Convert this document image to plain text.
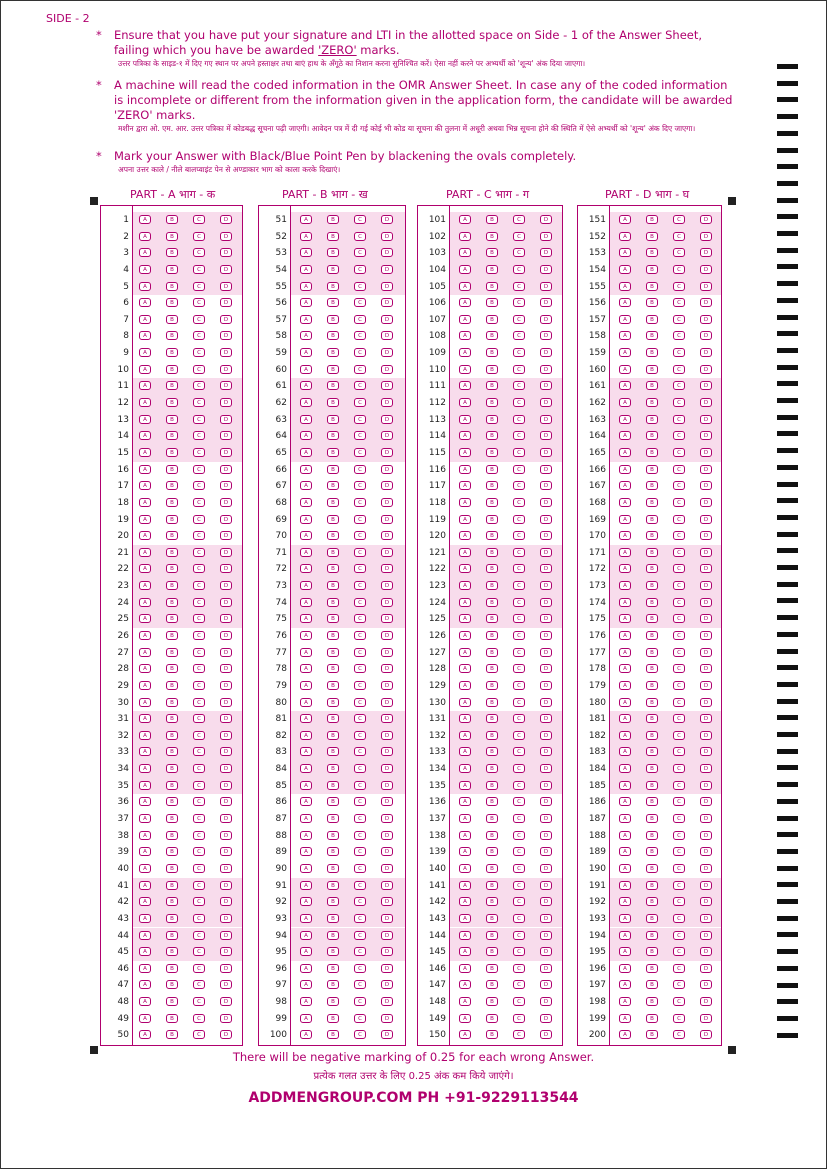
SIDE - 2
*	Ensure that you have put your signature and LTI in the allotted space on Side - 1 of the Answer Sheet, failing which you have be awarded 'ZERO' marks.
उत्तर पत्रिका के साइड-१ में दिए गए स्थान पर अपने हस्ताक्षर तथा बाएं हाथ के अँगूठे का निशान करना सुनिश्चित करें। ऐसा नहीं करने पर अभ्यर्थी को 'शून्य' अंक दिया जाएगा।
*	A machine will read the coded information in the OMR Answer Sheet. In case any of the coded information is incomplete or different from the information given in the application form, the candidate will be awarded 'ZERO' marks.
मशीन द्वारा ओ. एम. आर. उत्तर पत्रिका में कोडबद्ध सूचना पढ़ी जाएगी। आवेदन पत्र में दी गई कोई भी कोड या सूचना की तुलना में अधूरी अथवा भिन्न सूचना होने की स्थिति में ऐसे अभ्यर्थी को 'शून्य' अंक दिए जाएगा।
*	Mark your Answer with Black/Blue Point Pen by blackening the ovals completely.
अपना उत्तर काले / नीले बालप्वाइंट पेन से अण्डाकार भाग को काला करके दिखाएं।
PART - A भाग - क	PART - B भाग - ख	PART - C भाग - ग	PART - D भाग - घ
1	A	B	C	D
2	A	B	C	D
3	A	B	C	D
4	A	B	C	D
5	A	B	C	D
6	A	B	C	D
7	A	B	C	D
8	A	B	C	D
9	A	B	C	D
10	A	B	C	D
11	A	B	C	D
12	A	B	C	D
13	A	B	C	D
14	A	B	C	D
15	A	B	C	D
16	A	B	C	D
17	A	B	C	D
18	A	B	C	D
19	A	B	C	D
20	A	B	C	D
21	A	B	C	D
22	A	B	C	D
23	A	B	C	D
24	A	B	C	D
25	A	B	C	D
26	A	B	C	D
27	A	B	C	D
28	A	B	C	D
29	A	B	C	D
30	A	B	C	D
31	A	B	C	D
32	A	B	C	D
33	A	B	C	D
34	A	B	C	D
35	A	B	C	D
36	A	B	C	D
37	A	B	C	D
38	A	B	C	D
39	A	B	C	D
40	A	B	C	D
41	A	B	C	D
42	A	B	C	D
43	A	B	C	D
44	A	B	C	D
45	A	B	C	D
46	A	B	C	D
47	A	B	C	D
48	A	B	C	D
49	A	B	C	D
50	A	B	C	D
51	A	B	C	D
52	A	B	C	D
53	A	B	C	D
54	A	B	C	D
55	A	B	C	D
56	A	B	C	D
57	A	B	C	D
58	A	B	C	D
59	A	B	C	D
60	A	B	C	D
61	A	B	C	D
62	A	B	C	D
63	A	B	C	D
64	A	B	C	D
65	A	B	C	D
66	A	B	C	D
67	A	B	C	D
68	A	B	C	D
69	A	B	C	D
70	A	B	C	D
71	A	B	C	D
72	A	B	C	D
73	A	B	C	D
74	A	B	C	D
75	A	B	C	D
76	A	B	C	D
77	A	B	C	D
78	A	B	C	D
79	A	B	C	D
80	A	B	C	D
81	A	B	C	D
82	A	B	C	D
83	A	B	C	D
84	A	B	C	D
85	A	B	C	D
86	A	B	C	D
87	A	B	C	D
88	A	B	C	D
89	A	B	C	D
90	A	B	C	D
91	A	B	C	D
92	A	B	C	D
93	A	B	C	D
94	A	B	C	D
95	A	B	C	D
96	A	B	C	D
97	A	B	C	D
98	A	B	C	D
99	A	B	C	D
100	A	B	C	D
101	A	B	C	D
102	A	B	C	D
103	A	B	C	D
104	A	B	C	D
105	A	B	C	D
106	A	B	C	D
107	A	B	C	D
108	A	B	C	D
109	A	B	C	D
110	A	B	C	D
111	A	B	C	D
112	A	B	C	D
113	A	B	C	D
114	A	B	C	D
115	A	B	C	D
116	A	B	C	D
117	A	B	C	D
118	A	B	C	D
119	A	B	C	D
120	A	B	C	D
121	A	B	C	D
122	A	B	C	D
123	A	B	C	D
124	A	B	C	D
125	A	B	C	D
126	A	B	C	D
127	A	B	C	D
128	A	B	C	D
129	A	B	C	D
130	A	B	C	D
131	A	B	C	D
132	A	B	C	D
133	A	B	C	D
134	A	B	C	D
135	A	B	C	D
136	A	B	C	D
137	A	B	C	D
138	A	B	C	D
139	A	B	C	D
140	A	B	C	D
141	A	B	C	D
142	A	B	C	D
143	A	B	C	D
144	A	B	C	D
145	A	B	C	D
146	A	B	C	D
147	A	B	C	D
148	A	B	C	D
149	A	B	C	D
150	A	B	C	D
151	A	B	C	D
152	A	B	C	D
153	A	B	C	D
154	A	B	C	D
155	A	B	C	D
156	A	B	C	D
157	A	B	C	D
158	A	B	C	D
159	A	B	C	D
160	A	B	C	D
161	A	B	C	D
162	A	B	C	D
163	A	B	C	D
164	A	B	C	D
165	A	B	C	D
166	A	B	C	D
167	A	B	C	D
168	A	B	C	D
169	A	B	C	D
170	A	B	C	D
171	A	B	C	D
172	A	B	C	D
173	A	B	C	D
174	A	B	C	D
175	A	B	C	D
176	A	B	C	D
177	A	B	C	D
178	A	B	C	D
179	A	B	C	D
180	A	B	C	D
181	A	B	C	D
182	A	B	C	D
183	A	B	C	D
184	A	B	C	D
185	A	B	C	D
186	A	B	C	D
187	A	B	C	D
188	A	B	C	D
189	A	B	C	D
190	A	B	C	D
191	A	B	C	D
192	A	B	C	D
193	A	B	C	D
194	A	B	C	D
195	A	B	C	D
196	A	B	C	D
197	A	B	C	D
198	A	B	C	D
199	A	B	C	D
200	A	B	C	D
There will be negative marking of 0.25 for each wrong Answer.
प्रत्येक गलत उत्तर के लिए 0.25 अंक कम किये जाएंगे।
ADDMENGROUP.COM PH +91-9229113544
